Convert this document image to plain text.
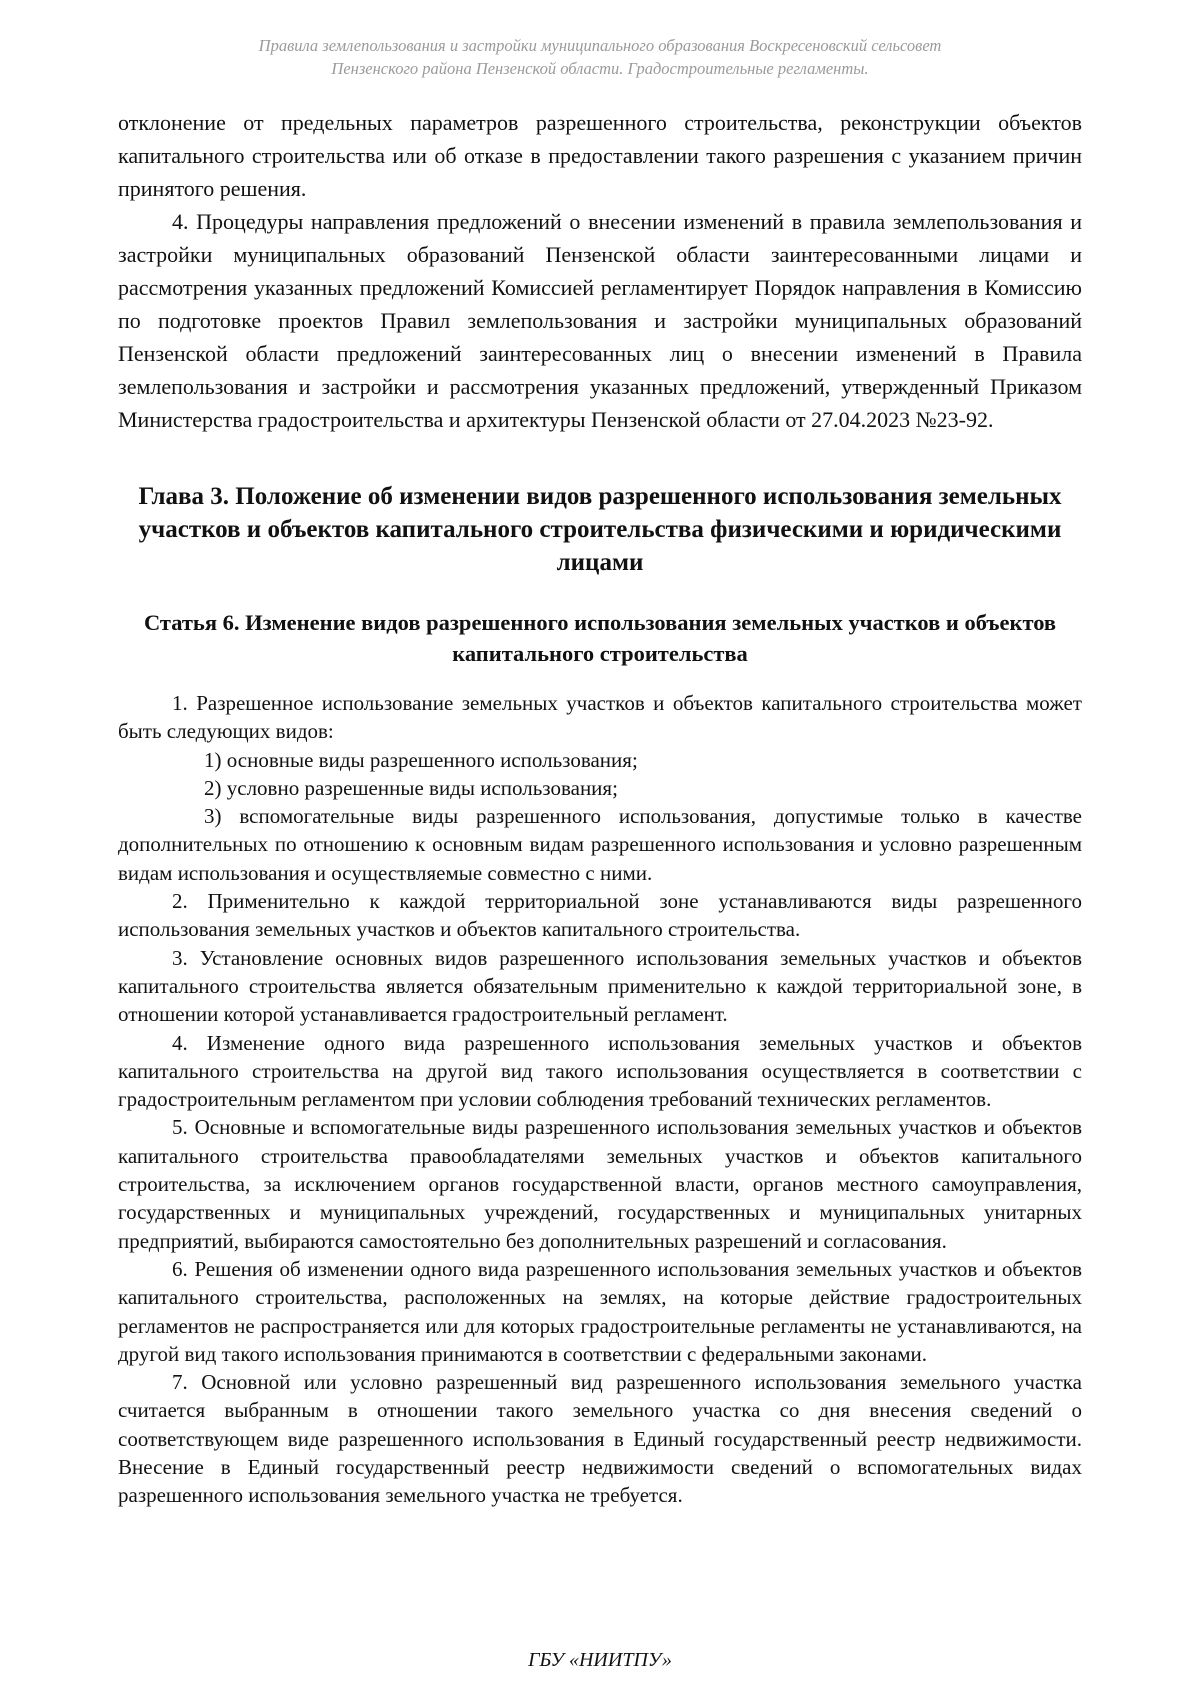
Правила землепользования и застройки муниципального образования Воскресеновский сельсовет
Пензенского района Пензенской области. Градостроительные регламенты.

отклонение от предельных параметров разрешенного строительства, реконструкции объектов капитального строительства или об отказе в предоставлении такого разрешения с указанием причин принятого решения.

4. Процедуры направления предложений о внесении изменений в правила землепользования и застройки муниципальных образований Пензенской области заинтересованными лицами и рассмотрения указанных предложений Комиссией регламентирует Порядок направления в Комиссию по подготовке проектов Правил землепользования и застройки муниципальных образований Пензенской области предложений заинтересованных лиц о внесении изменений в Правила землепользования и застройки и рассмотрения указанных предложений, утвержденный Приказом Министерства градостроительства и архитектуры Пензенской области от 27.04.2023 №23-92.

Глава 3. Положение об изменении видов разрешенного использования земельных участков и объектов капитального строительства физическими и юридическими лицами
Статья 6. Изменение видов разрешенного использования земельных участков и объектов капитального строительства

1. Разрешенное использование земельных участков и объектов капитального строительства может быть следующих видов:

1) основные виды разрешенного использования;

2) условно разрешенные виды использования;

3) вспомогательные виды разрешенного использования, допустимые только в качестве дополнительных по отношению к основным видам разрешенного использования и условно разрешенным видам использования и осуществляемые совместно с ними.

2. Применительно к каждой территориальной зоне устанавливаются виды разрешенного использования земельных участков и объектов капитального строительства.

3. Установление основных видов разрешенного использования земельных участков и объектов капитального строительства является обязательным применительно к каждой территориальной зоне, в отношении которой устанавливается градостроительный регламент.

4. Изменение одного вида разрешенного использования земельных участков и объектов капитального строительства на другой вид такого использования осуществляется в соответствии с градостроительным регламентом при условии соблюдения требований технических регламентов.

5. Основные и вспомогательные виды разрешенного использования земельных участков и объектов капитального строительства правообладателями земельных участков и объектов капитального строительства, за исключением органов государственной власти, органов местного самоуправления, государственных и муниципальных учреждений, государственных и муниципальных унитарных предприятий, выбираются самостоятельно без дополнительных разрешений и согласования.

6. Решения об изменении одного вида разрешенного использования земельных участков и объектов капитального строительства, расположенных на землях, на которые действие градостроительных регламентов не распространяется или для которых градостроительные регламенты не устанавливаются, на другой вид такого использования принимаются в соответствии с федеральными законами.

7. Основной или условно разрешенный вид разрешенного использования земельного участка считается выбранным в отношении такого земельного участка со дня внесения сведений о соответствующем виде разрешенного использования в Единый государственный реестр недвижимости. Внесение в Единый государственный реестр недвижимости сведений о вспомогательных видах разрешенного использования земельного участка не требуется.

ГБУ «НИИТПУ»
